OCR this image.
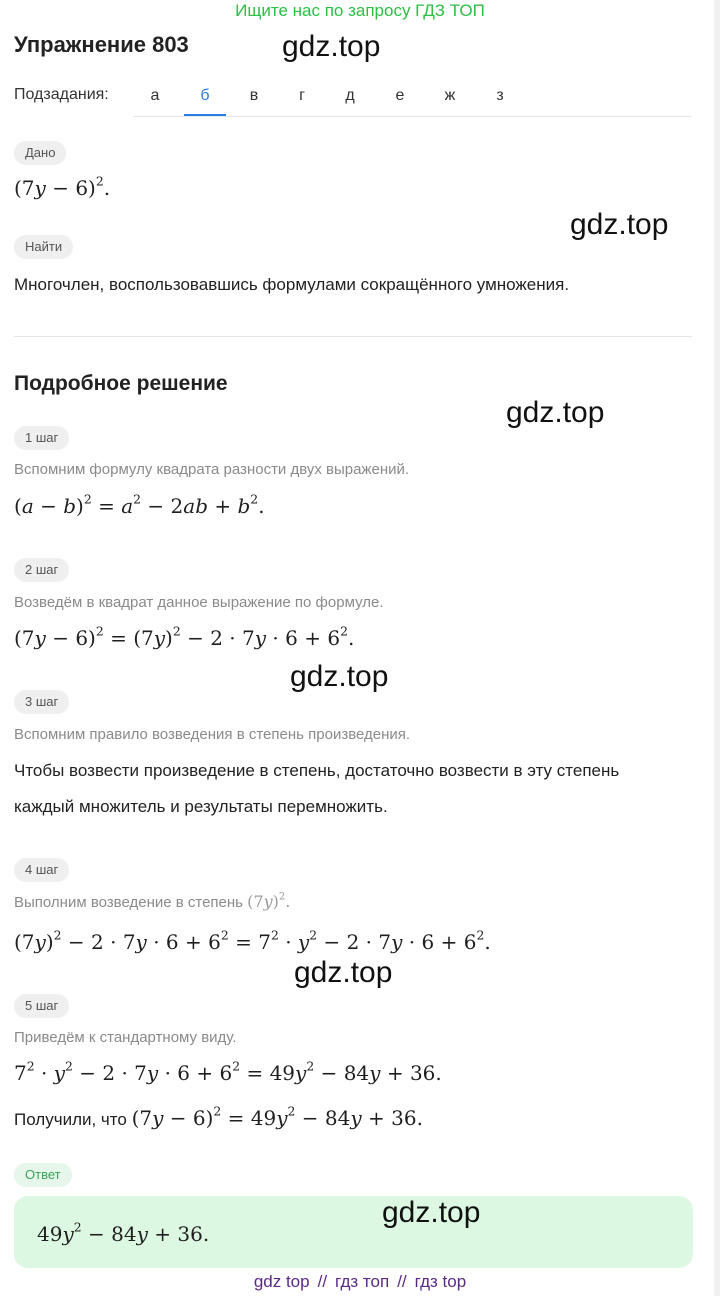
Ищите нас по запросу ГДЗ ТОП
Упражнение 803	gdz.top
Подзадания:	а	б	в	г	д	е	ж	з
Дано
$(7y - 6)^2$.
gdz.top
Найти
Многочлен, воспользовавшись формулами сокращённого умножения.
Подробное решение
gdz.top
1 шаг
Вспомним формулу квадрата разности двух выражений.
$(a - b)^2 = a^2 - 2ab + b^2$.
2 шаг
Возведём в квадрат данное выражение по формуле.
$(7y - 6)^2 = (7y)^2 - 2 \cdot 7y \cdot 6 + 6^2$.
gdz.top
3 шаг
Вспомним правило возведения в степень произведения.
Чтобы возвести произведение в степень, достаточно возвести в эту степень
каждый множитель и результаты перемножить.
4 шаг
Выполним возведение в степень $(7y)^2$.
$(7y)^2 - 2 \cdot 7y \cdot 6 + 6^2 = 7^2 \cdot y^2 - 2 \cdot 7y \cdot 6 + 6^2$.
gdz.top
5 шаг
Приведём к стандартному виду.
$7^2 \cdot y^2 - 2 \cdot 7y \cdot 6 + 6^2 = 49y^2 - 84y + 36$.
Получили, что $(7y - 6)^2 = 49y^2 - 84y + 36$.
Ответ
$49y^2 - 84y + 36$.
gdz.top
gdz top // гдз топ // гдз top
